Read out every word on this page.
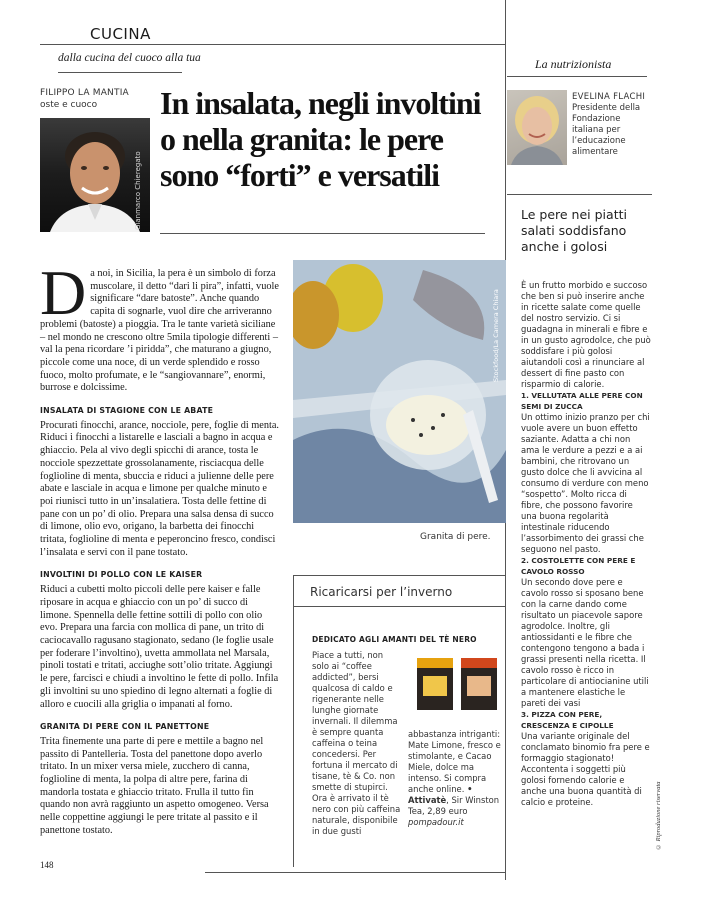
CUCINA
dalla cucina del cuoco alla tua	La nutrizionista
FILIPPO LA MANTIA
oste e cuoco
Gianmarco Chieregato
In insalata, negli involtini o nella granita: le pere sono “forti” e versatili
EVELINA FLACHI
Presidente della Fondazione italiana per l’educazione alimentare

Da noi, in Sicilia, la pera è un simbolo di forza muscolare, il detto “dari li pira”, infatti, vuole significare “dare batoste”. Anche quando capita di sognarle, vuol dire che arriveranno problemi (batoste) a pioggia. Tra le tante varietà siciliane – nel mondo ne crescono oltre 5mila tipologie differenti – val la pena ricordare ’i piridda”, che maturano a giugno, piccole come una noce, di un verde splendido e rosso fuoco, molto profumate, e le “sangiovannare”, enormi, burrose e dolcissime.

INSALATA DI STAGIONE CON LE ABATE

Procurati finocchi, arance, nocciole, pere, foglie di menta. Riduci i finocchi a listarelle e lasciali a bagno in acqua e ghiaccio. Pela al vivo degli spicchi di arance, tosta le nocciole spezzettate grossolanamente, risciacqua delle foglioline di menta, sbuccia e riduci a julienne delle pere abate e lasciale in acqua e limone per qualche minuto e poi riunisci tutto in un’insalatiera. Tosta delle fettine di pane con un po’ di olio. Prepara una salsa densa di succo di limone, olio evo, origano, la barbetta dei finocchi tritata, foglioline di menta e peperoncino fresco, condisci l’insalata e servi con il pane tostato.

INVOLTINI DI POLLO CON LE KAISER

Riduci a cubetti molto piccoli delle pere kaiser e falle riposare in acqua e ghiaccio con un po’ di succo di limone. Spennella delle fettine sottili di pollo con olio evo. Prepara una farcia con mollica di pane, un trito di caciocavallo ragusano stagionato, sedano (le foglie usale per foderare l’involtino), uvetta ammollata nel Marsala, pinoli tostati e tritati, acciughe sott’olio tritate. Aggiungi le pere, farcisci e chiudi a involtino le fette di pollo. Infila gli involtini su uno spiedino di legno alternati a foglie di alloro e cuocili alla griglia o impanati al forno.

GRANITA DI PERE CON IL PANETTONE

Trita finemente una parte di pere e mettile a bagno nel passito di Pantelleria. Tosta del panettone dopo averlo tritato. In un mixer versa miele, zucchero di canna, foglioline di menta, la polpa di altre pere, farina di mandorla tostata e ghiaccio tritato. Frulla il tutto fin quando non avrà raggiunto un aspetto omogeneo. Versa nelle coppettine aggiungi le pere tritate al passito e il panettone tostato.

148
Stockfood/La Camera Chiara
Granita di pere.
Ricaricarsi per l’inverno
DEDICATO AGLI AMANTI DEL TÈ NERO
Piace a tutti, non solo ai “coffee addicted”, bersi qualcosa di caldo e rigenerante nelle lunghe giornate invernali. Il dilemma è sempre quanta caffeina o teina concedersi. Per fortuna il mercato di tisane, tè & Co. non smette di stupirci. Ora è arrivato il tè nero con più caffeina naturale, disponibile in due gusti
abbastanza intriganti: Mate Limone, fresco e stimolante, e Cacao Miele, dolce ma intenso. Si compra anche online. • Attivatè, Sir Winston Tea, 2,89 euro pompadour.it
Le pere nei piatti salati soddisfano anche i golosi

È un frutto morbido e succoso che ben si può inserire anche in ricette salate come quelle del nostro servizio. Ci si guadagna in minerali e fibre e in un gusto agrodolce, che può soddisfare i più golosi aiutandoli così a rinunciare al dessert di fine pasto con risparmio di calorie.

1. VELLUTATA ALLE PERE CON SEMI DI ZUCCA

Un ottimo inizio pranzo per chi vuole avere un buon effetto saziante. Adatta a chi non ama le verdure a pezzi e a ai bambini, che ritrovano un gusto dolce che li avvicina al consumo di verdure con meno “sospetto”. Molto ricca di fibre, che possono favorire una buona regolarità intestinale riducendo l’assorbimento dei grassi che seguono nel pasto.

2. COSTOLETTE CON PERE E CAVOLO ROSSO

Un secondo dove pere e cavolo rosso si sposano bene con la carne dando come risultato un piacevole sapore agrodolce. Inoltre, gli antiossidanti e le fibre che contengono tengono a bada i grassi presenti nella ricetta. Il cavolo rosso è ricco in particolare di antiocianine utili a mantenere elastiche le pareti dei vasi

3. PIZZA CON PERE, CRESCENZA E CIPOLLE

Una variante originale del conclamato binomio fra pere e formaggio stagionato! Accontenta i soggetti più golosi fornendo calorie e anche una buona quantità di calcio e proteine.	© Riproduzione riservata
